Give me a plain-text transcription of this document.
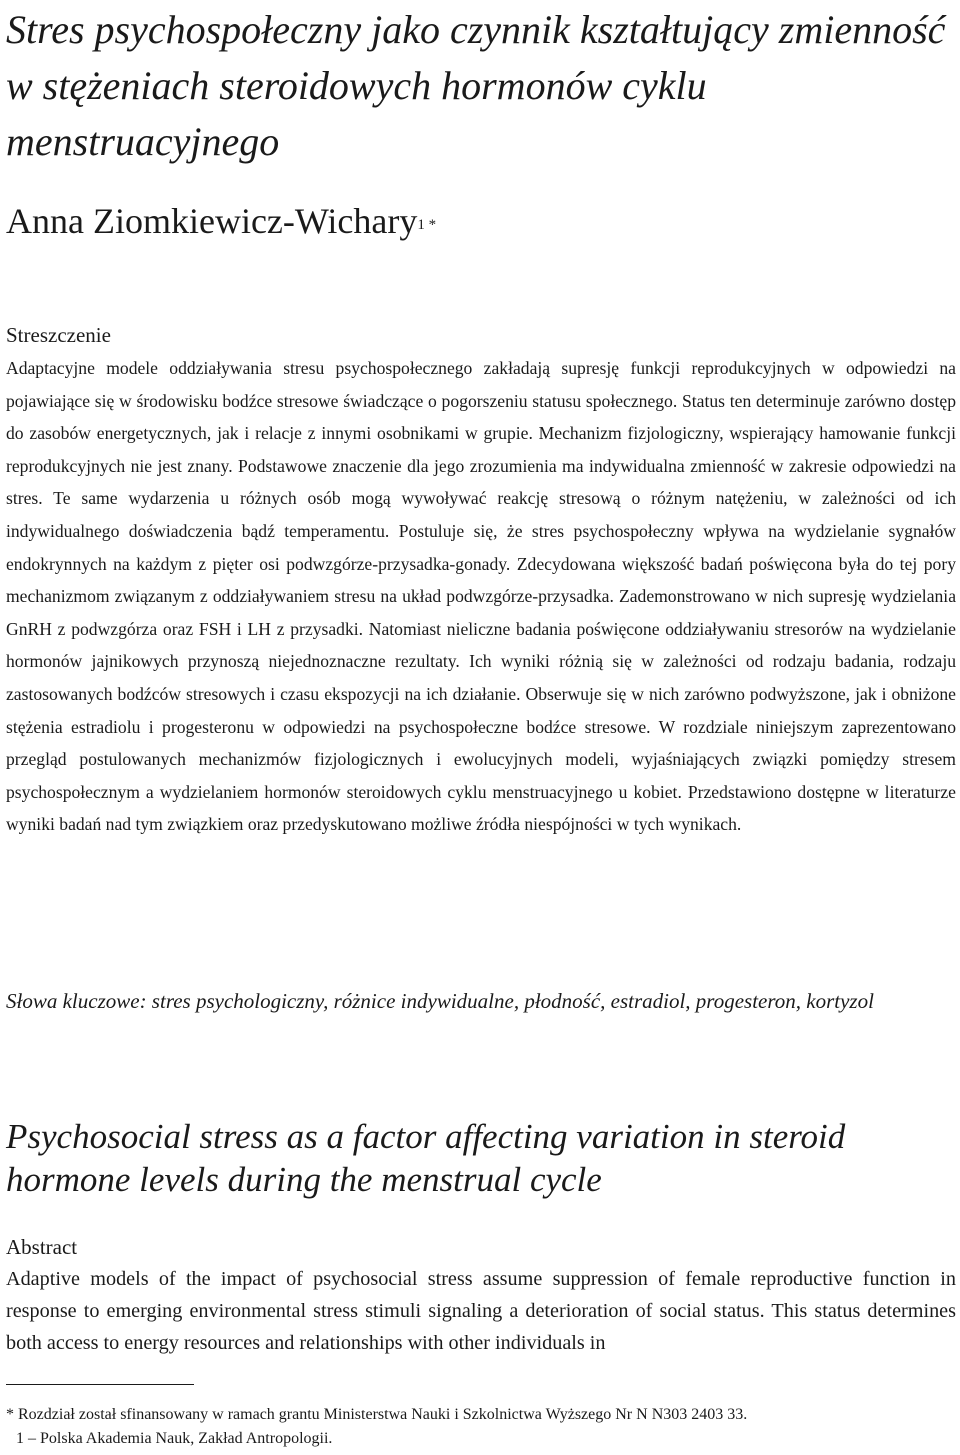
Stres psychospołeczny jako czynnik kształtujący zmienność w stężeniach steroidowych hormonów cyklu menstruacyjnego

Anna Ziomkiewicz-Wichary$^{1 *}$

Streszczenie

Adaptacyjne modele oddziaływania stresu psychospołecznego zakładają supresję funkcji reprodukcyjnych w odpowiedzi na pojawiające się w środowisku bodźce stresowe świadczące o pogorszeniu statusu społecznego. Status ten determinuje zarówno dostęp do zasobów energetycznych, jak i relacje z innymi osobnikami w grupie. Mechanizm fizjologiczny, wspierający hamowanie funkcji reprodukcyjnych nie jest znany. Podstawowe znaczenie dla jego zrozumienia ma indywidualna zmienność w zakresie odpowiedzi na stres. Te same wydarzenia u różnych osób mogą wywoływać reakcję stresową o różnym natężeniu, w zależności od ich indywidualnego doświadczenia bądź temperamentu. Postuluje się, że stres psychospołeczny wpływa na wydzielanie sygnałów endokrynnych na każdym z pięter osi podwzgórze-przysadka-gonady. Zdecydowana większość badań poświęcona była do tej pory mechanizmom związanym z oddziaływaniem stresu na układ podwzgórze-przysadka. Zademonstrowano w nich supresję wydzielania GnRH z podwzgórza oraz FSH i LH z przysadki. Natomiast nieliczne badania poświęcone oddziaływaniu stresorów na wydzielanie hormonów jajnikowych przynoszą niejednoznaczne rezultaty. Ich wyniki różnią się w zależności od rodzaju badania, rodzaju zastosowanych bodźców stresowych i czasu ekspozycji na ich działanie. Obserwuje się w nich zarówno podwyższone, jak i obniżone stężenia estradiolu i progesteronu w odpowiedzi na psychospołeczne bodźce stresowe. W rozdziale niniejszym zaprezentowano przegląd postulowanych mechanizmów fizjologicznych i ewolucyjnych modeli, wyjaśniających związki pomiędzy stresem psychospołecznym a wydzielaniem hormonów steroidowych cyklu menstruacyjnego u kobiet. Przedstawiono dostępne w literaturze wyniki badań nad tym związkiem oraz przedyskutowano możliwe źródła niespójności w tych wynikach.

Słowa kluczowe: stres psychologiczny, różnice indywidualne, płodność, estradiol, progesteron, kortyzol

Psychosocial stress as a factor affecting variation in steroid hormone levels during the menstrual cycle
Abstract

Adaptive models of the impact of psychosocial stress assume suppression of female reproductive function in response to emerging environmental stress stimuli signaling a deterioration of social status. This status determines both access to energy resources and relationships with other individuals in

* Rozdział został sfinansowany w ramach grantu Ministerstwa Nauki i Szkolnictwa Wyższego Nr N N303 2403 33.

1 – Polska Akademia Nauk, Zakład Antropologii.
